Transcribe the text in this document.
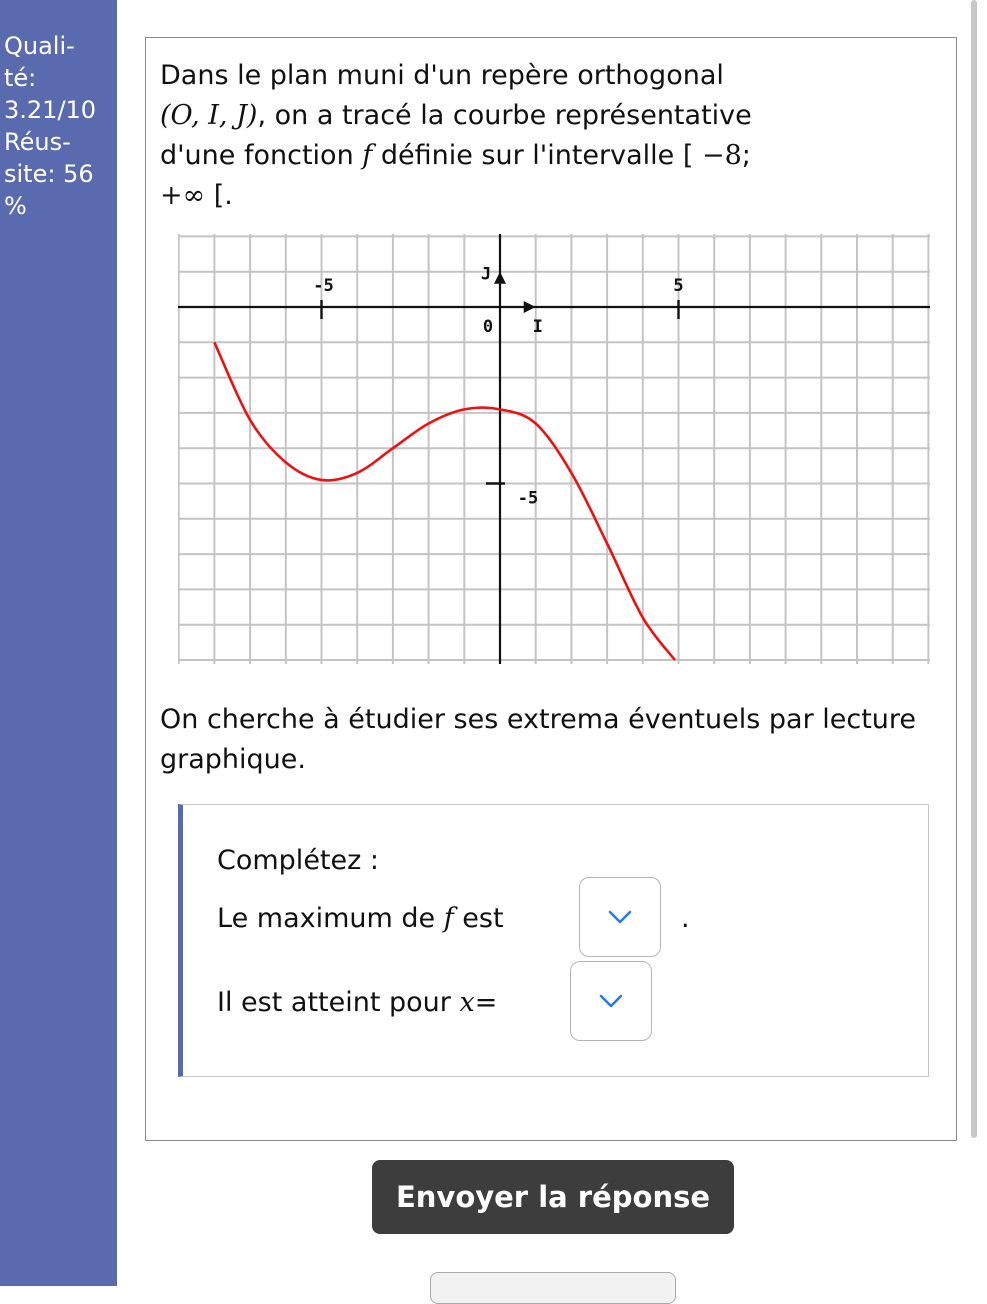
Quali-
té:
3.21/10
Réus-
site: 56
%
Dans le plan muni d'un repère orthogonal
(O, I, J), on a tracé la courbe représentative
d'une fonction f définie sur l'intervalle [ −8;
+∞ [.
-5	5
-5
0 I
J
On cherche à étudier ses extrema éventuels par lecture graphique.
Complétez :
Le maximum de f est	.
Il est atteint pour x=
Envoyer la réponse
